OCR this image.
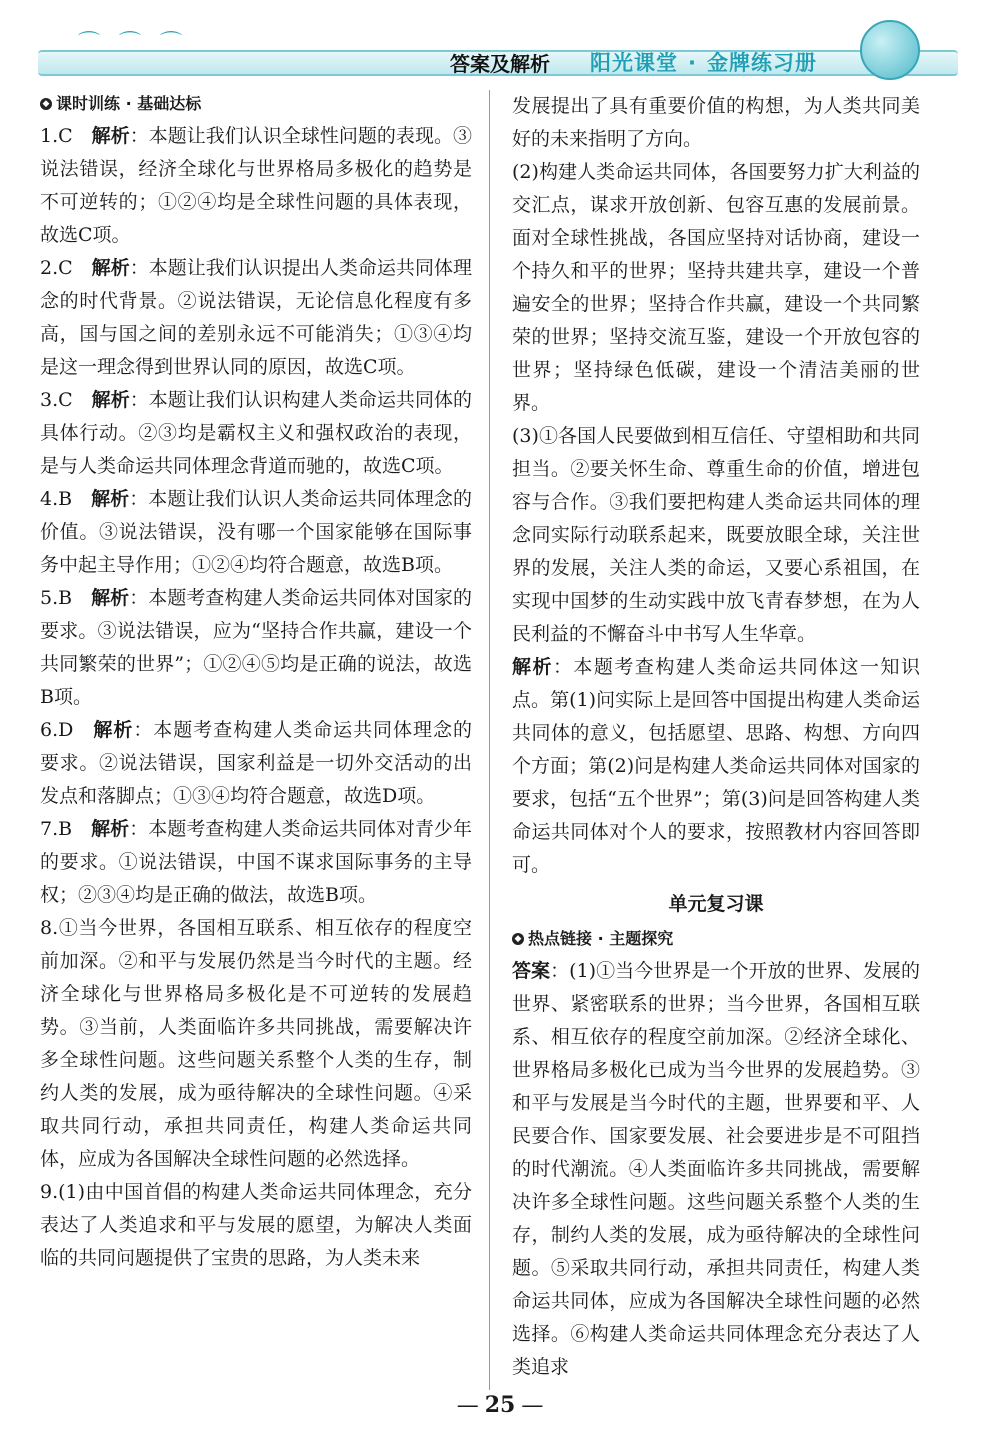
⌒ ⌒ ⌒
答案及解析 阳光课堂 · 金牌练习册
◆ 课时训练 · 基础达标

1.C  解析：本题让我们认识全球性问题的表现。③说法错误，经济全球化与世界格局多极化的趋势是不可逆转的；①②④均是全球性问题的具体表现，故选C项。

2.C  解析：本题让我们认识提出人类命运共同体理念的时代背景。②说法错误，无论信息化程度有多高，国与国之间的差别永远不可能消失；①③④均是这一理念得到世界认同的原因，故选C项。

3.C  解析：本题让我们认识构建人类命运共同体的具体行动。②③均是霸权主义和强权政治的表现，是与人类命运共同体理念背道而驰的，故选C项。

4.B  解析：本题让我们认识人类命运共同体理念的价值。③说法错误，没有哪一个国家能够在国际事务中起主导作用；①②④均符合题意，故选B项。

5.B  解析：本题考查构建人类命运共同体对国家的要求。③说法错误，应为“坚持合作共赢，建设一个共同繁荣的世界”；①②④⑤均是正确的说法，故选B项。

6.D  解析：本题考查构建人类命运共同体理念的要求。②说法错误，国家利益是一切外交活动的出发点和落脚点；①③④均符合题意，故选D项。

7.B  解析：本题考查构建人类命运共同体对青少年的要求。①说法错误，中国不谋求国际事务的主导权；②③④均是正确的做法，故选B项。

8.①当今世界，各国相互联系、相互依存的程度空前加深。②和平与发展仍然是当今时代的主题。经济全球化与世界格局多极化是不可逆转的发展趋势。③当前，人类面临许多共同挑战，需要解决许多全球性问题。这些问题关系整个人类的生存，制约人类的发展，成为亟待解决的全球性问题。④采取共同行动，承担共同责任，构建人类命运共同体，应成为各国解决全球性问题的必然选择。

9.(1)由中国首倡的构建人类命运共同体理念，充分表达了人类追求和平与发展的愿望，为解决人类面临的共同问题提供了宝贵的思路，为人类未来

发展提出了具有重要价值的构想，为人类共同美好的未来指明了方向。

(2)构建人类命运共同体，各国要努力扩大利益的交汇点，谋求开放创新、包容互惠的发展前景。面对全球性挑战，各国应坚持对话协商，建设一个持久和平的世界；坚持共建共享，建设一个普遍安全的世界；坚持合作共赢，建设一个共同繁荣的世界；坚持交流互鉴，建设一个开放包容的世界；坚持绿色低碳，建设一个清洁美丽的世界。

(3)①各国人民要做到相互信任、守望相助和共同担当。②要关怀生命、尊重生命的价值，增进包容与合作。③我们要把构建人类命运共同体的理念同实际行动联系起来，既要放眼全球，关注世界的发展，关注人类的命运，又要心系祖国，在实现中国梦的生动实践中放飞青春梦想，在为人民利益的不懈奋斗中书写人生华章。

解析：本题考查构建人类命运共同体这一知识点。第(1)问实际上是回答中国提出构建人类命运共同体的意义，包括愿望、思路、构想、方向四个方面；第(2)问是构建人类命运共同体对国家的要求，包括“五个世界”；第(3)问是回答构建人类命运共同体对个人的要求，按照教材内容回答即可。

单元复习课
◆ 热点链接 · 主题探究

答案：(1)①当今世界是一个开放的世界、发展的世界、紧密联系的世界；当今世界，各国相互联系、相互依存的程度空前加深。②经济全球化、世界格局多极化已成为当今世界的发展趋势。③和平与发展是当今时代的主题，世界要和平、人民要合作、国家要发展、社会要进步是不可阻挡的时代潮流。④人类面临许多共同挑战，需要解决许多全球性问题。这些问题关系整个人类的生存，制约人类的发展，成为亟待解决的全球性问题。⑤采取共同行动，承担共同责任，构建人类命运共同体，应成为各国解决全球性问题的必然选择。⑥构建人类命运共同体理念充分表达了人类追求

— 25 —
